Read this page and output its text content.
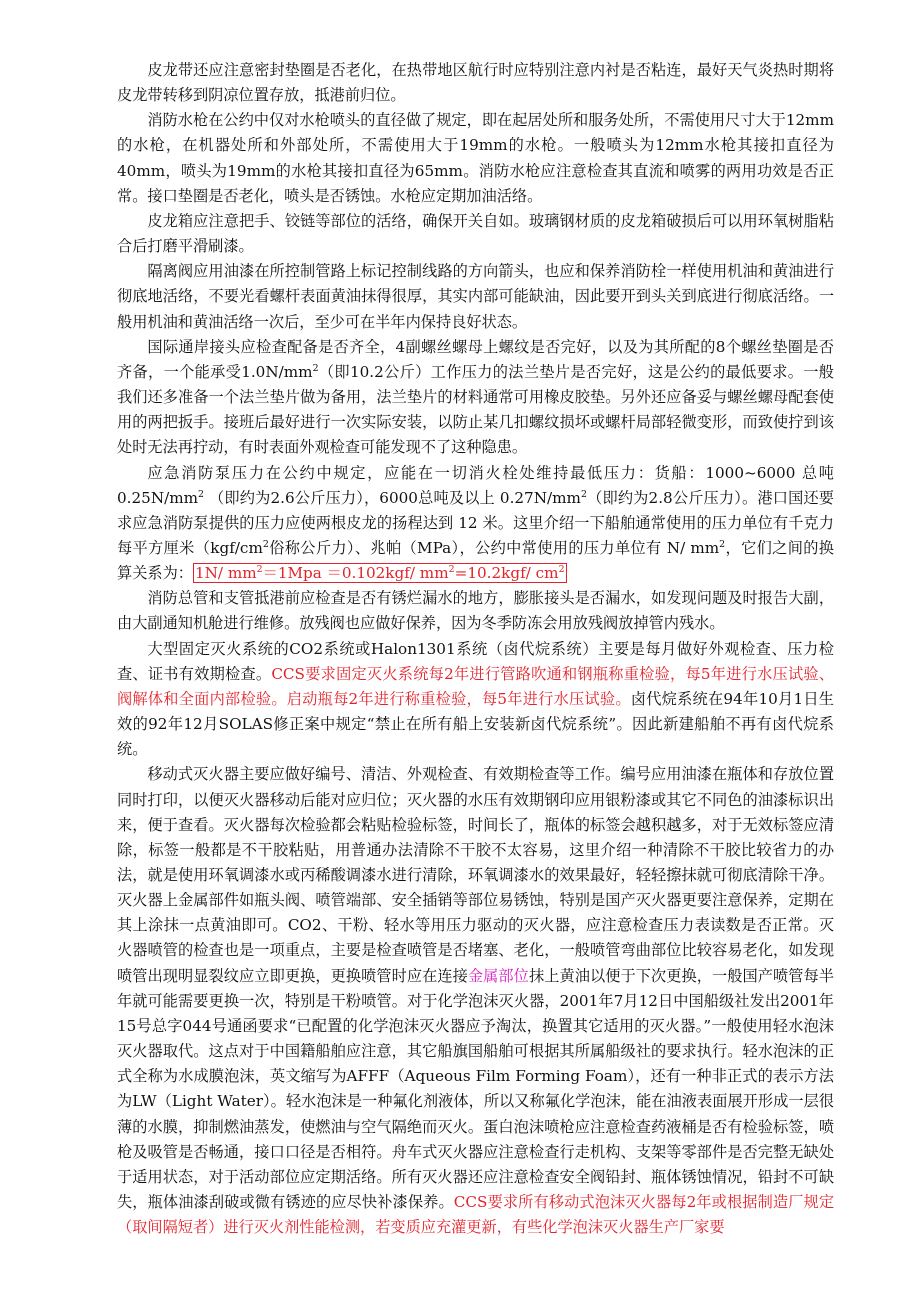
皮龙带还应注意密封垫圈是否老化，在热带地区航行时应特别注意内衬是否粘连，最好天气炎热时期将皮龙带转移到阴凉位置存放，抵港前归位。

消防水枪在公约中仅对水枪喷头的直径做了规定，即在起居处所和服务处所，不需使用尺寸大于12mm的水枪，在机器处所和外部处所，不需使用大于19mm的水枪。一般喷头为12mm水枪其接扣直径为40mm，喷头为19mm的水枪其接扣直径为65mm。消防水枪应注意检查其直流和喷雾的两用功效是否正常。接口垫圈是否老化，喷头是否锈蚀。水枪应定期加油活络。

皮龙箱应注意把手、铰链等部位的活络，确保开关自如。玻璃钢材质的皮龙箱破损后可以用环氧树脂粘合后打磨平滑刷漆。

隔离阀应用油漆在所控制管路上标记控制线路的方向箭头，也应和保养消防栓一样使用机油和黄油进行彻底地活络，不要光看螺杆表面黄油抹得很厚，其实内部可能缺油，因此要开到头关到底进行彻底活络。一般用机油和黄油活络一次后，至少可在半年内保持良好状态。

国际通岸接头应检查配备是否齐全，4副螺丝螺母上螺纹是否完好，以及为其所配的8个螺丝垫圈是否齐备，一个能承受$1.0N/mm^2$（即10.2公斤）工作压力的法兰垫片是否完好，这是公约的最低要求。一般我们还多准备一个法兰垫片做为备用，法兰垫片的材料通常可用橡皮胶垫。另外还应备妥与螺丝螺母配套使用的两把扳手。接班后最好进行一次实际安装，以防止某几扣螺纹损坏或螺杆局部轻微变形，而致使拧到该处时无法再拧动，有时表面外观检查可能发现不了这种隐患。

应急消防泵压力在公约中规定，应能在一切消火栓处维持最低压力：货船：1000~6000 总吨 $0.25N/mm^2$ （即约为2.6公斤压力），6000总吨及以上 $0.27N/mm^2$（即约为2.8公斤压力）。港口国还要求应急消防泵提供的压力应使两根皮龙的扬程达到 12 米。这里介绍一下船舶通常使用的压力单位有千克力每平方厘米（$kgf/cm^2$俗称公斤力）、兆帕（MPa），公约中常使用的压力单位有 N/ $mm^2$，它们之间的换算关系为： 1N/ $mm^2=1Mpa =0.102kgf/$ $mm^2=10.2kgf/$ $cm^2$

消防总管和支管抵港前应检查是否有锈烂漏水的地方，膨胀接头是否漏水，如发现问题及时报告大副，由大副通知机舱进行维修。放残阀也应做好保养，因为冬季防冻会用放残阀放掉管内残水。

大型固定灭火系统的CO2系统或Halon1301系统（卤代烷系统）主要是每月做好外观检查、压力检查、证书有效期检查。CCS要求固定灭火系统每2年进行管路吹通和钢瓶称重检验，每5年进行水压试验、阀解体和全面内部检验。启动瓶每2年进行称重检验，每5年进行水压试验。卤代烷系统在94年10月1日生效的92年12月SOLAS修正案中规定“禁止在所有船上安装新卤代烷系统”。因此新建船舶不再有卤代烷系统。

移动式灭火器主要应做好编号、清洁、外观检查、有效期检查等工作。编号应用油漆在瓶体和存放位置同时打印，以便灭火器移动后能对应归位；灭火器的水压有效期钢印应用银粉漆或其它不同色的油漆标识出来，便于查看。灭火器每次检验都会粘贴检验标签，时间长了，瓶体的标签会越积越多，对于无效标签应清除，标签一般都是不干胶粘贴，用普通办法清除不干胶不太容易，这里介绍一种清除不干胶比较省力的办法，就是使用环氧调漆水或丙稀酸调漆水进行清除，环氧调漆水的效果最好，轻轻擦抹就可彻底清除干净。灭火器上金属部件如瓶头阀、喷管端部、安全插销等部位易锈蚀，特别是国产灭火器更要注意保养，定期在其上涂抹一点黄油即可。CO2、干粉、轻水等用压力驱动的灭火器，应注意检查压力表读数是否正常。灭火器喷管的检查也是一项重点，主要是检查喷管是否堵塞、老化，一般喷管弯曲部位比较容易老化，如发现喷管出现明显裂纹应立即更换，更换喷管时应在连接金属部位抹上黄油以便于下次更换，一般国产喷管每半年就可能需要更换一次，特别是干粉喷管。对于化学泡沫灭火器，2001年7月12日中国船级社发出2001年15号总字044号通函要求“已配置的化学泡沫灭火器应予淘汰，换置其它适用的灭火器。”一般使用轻水泡沫灭火器取代。这点对于中国籍船舶应注意，其它船旗国船舶可根据其所属船级社的要求执行。轻水泡沫的正式全称为水成膜泡沫，英文缩写为AFFF（Aqueous Film Forming Foam），还有一种非正式的表示方法为LW（Light Water）。轻水泡沫是一种氟化剂液体，所以又称氟化学泡沫，能在油液表面展开形成一层很薄的水膜，抑制燃油蒸发，使燃油与空气隔绝而灭火。蛋白泡沫喷枪应注意检查药液桶是否有检验标签，喷枪及吸管是否畅通，接口口径是否相符。舟车式灭火器应注意检查行走机构、支架等零部件是否完整无缺处于适用状态，对于活动部位应定期活络。所有灭火器还应注意检查安全阀铅封、瓶体锈蚀情况，铅封不可缺失，瓶体油漆刮破或微有锈迹的应尽快补漆保养。CCS要求所有移动式泡沫灭火器每2年或根据制造厂规定（取间隔短者）进行灭火剂性能检测，若变质应充灌更新，有些化学泡沫灭火器生产厂家要
